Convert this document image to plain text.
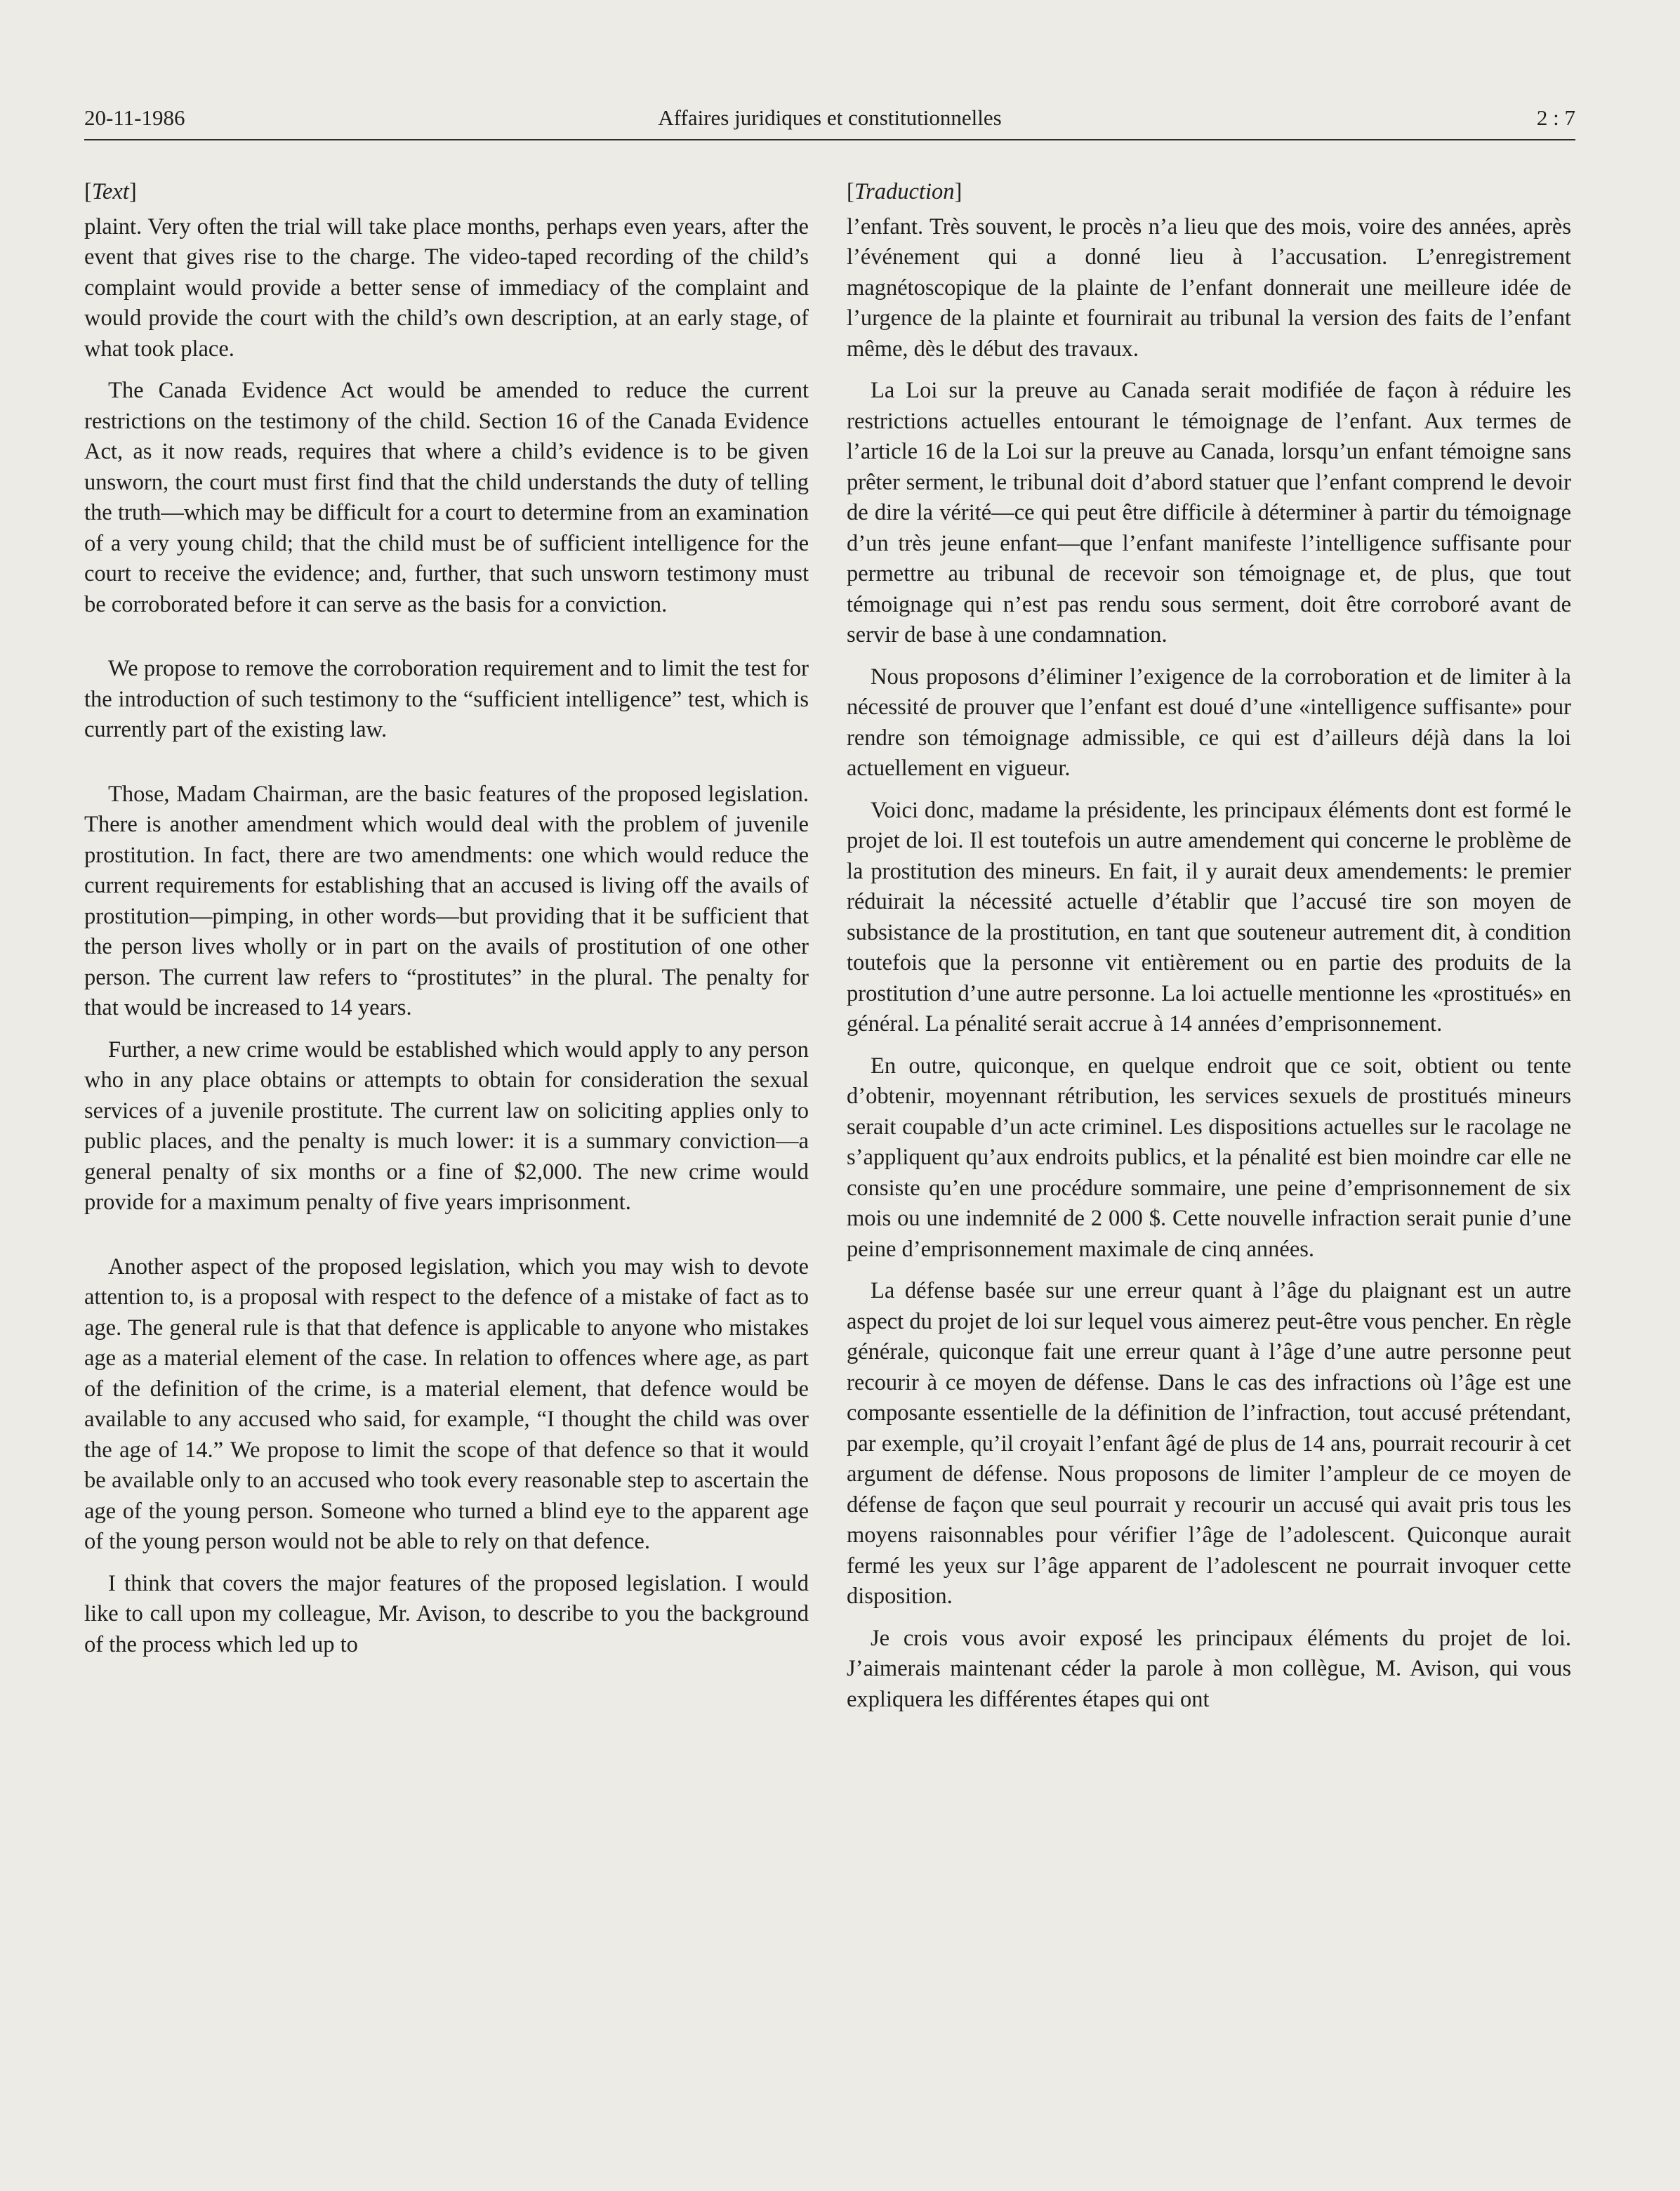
20-11-1986	Affaires juridiques et constitutionnelles	2 : 7
[Text]

plaint. Very often the trial will take place months, perhaps even years, after the event that gives rise to the charge. The video-taped recording of the child’s complaint would provide a better sense of immediacy of the complaint and would provide the court with the child’s own description, at an early stage, of what took place.

The Canada Evidence Act would be amended to reduce the current restrictions on the testimony of the child. Section 16 of the Canada Evidence Act, as it now reads, requires that where a child’s evidence is to be given unsworn, the court must first find that the child understands the duty of telling the truth—which may be difficult for a court to determine from an examination of a very young child; that the child must be of sufficient intelligence for the court to receive the evidence; and, further, that such unsworn testimony must be corroborated before it can serve as the basis for a conviction.

We propose to remove the corroboration requirement and to limit the test for the introduction of such testimony to the “sufficient intelligence” test, which is currently part of the existing law.

Those, Madam Chairman, are the basic features of the proposed legislation. There is another amendment which would deal with the problem of juvenile prostitution. In fact, there are two amendments: one which would reduce the current requirements for establishing that an accused is living off the avails of prostitution—pimping, in other words—but providing that it be sufficient that the person lives wholly or in part on the avails of prostitution of one other person. The current law refers to “prostitutes” in the plural. The penalty for that would be increased to 14 years.

Further, a new crime would be established which would apply to any person who in any place obtains or attempts to obtain for consideration the sexual services of a juvenile prostitute. The current law on soliciting applies only to public places, and the penalty is much lower: it is a summary conviction—a general penalty of six months or a fine of $2,000. The new crime would provide for a maximum penalty of five years imprisonment.

Another aspect of the proposed legislation, which you may wish to devote attention to, is a proposal with respect to the defence of a mistake of fact as to age. The general rule is that that defence is applicable to anyone who mistakes age as a material element of the case. In relation to offences where age, as part of the definition of the crime, is a material element, that defence would be available to any accused who said, for example, “I thought the child was over the age of 14.” We propose to limit the scope of that defence so that it would be available only to an accused who took every reasonable step to ascertain the age of the young person. Someone who turned a blind eye to the apparent age of the young person would not be able to rely on that defence.

I think that covers the major features of the proposed legislation. I would like to call upon my colleague, Mr. Avison, to describe to you the background of the process which led up to

[Traduction]

l’enfant. Très souvent, le procès n’a lieu que des mois, voire des années, après l’événement qui a donné lieu à l’accusation. L’enregistrement magnétoscopique de la plainte de l’enfant donnerait une meilleure idée de l’urgence de la plainte et fournirait au tribunal la version des faits de l’enfant même, dès le début des travaux.

La Loi sur la preuve au Canada serait modifiée de façon à réduire les restrictions actuelles entourant le témoignage de l’enfant. Aux termes de l’article 16 de la Loi sur la preuve au Canada, lorsqu’un enfant témoigne sans prêter serment, le tribunal doit d’abord statuer que l’enfant comprend le devoir de dire la vérité—ce qui peut être difficile à déterminer à partir du témoignage d’un très jeune enfant—que l’enfant manifeste l’intelligence suffisante pour permettre au tribunal de recevoir son témoignage et, de plus, que tout témoignage qui n’est pas rendu sous serment, doit être corroboré avant de servir de base à une condamnation.

Nous proposons d’éliminer l’exigence de la corroboration et de limiter à la nécessité de prouver que l’enfant est doué d’une «intelligence suffisante» pour rendre son témoignage admissible, ce qui est d’ailleurs déjà dans la loi actuellement en vigueur.

Voici donc, madame la présidente, les principaux éléments dont est formé le projet de loi. Il est toutefois un autre amendement qui concerne le problème de la prostitution des mineurs. En fait, il y aurait deux amendements: le premier réduirait la nécessité actuelle d’établir que l’accusé tire son moyen de subsistance de la prostitution, en tant que souteneur autrement dit, à condition toutefois que la personne vit entièrement ou en partie des produits de la prostitution d’une autre personne. La loi actuelle mentionne les «prostitués» en général. La pénalité serait accrue à 14 années d’emprisonnement.

En outre, quiconque, en quelque endroit que ce soit, obtient ou tente d’obtenir, moyennant rétribution, les services sexuels de prostitués mineurs serait coupable d’un acte criminel. Les dispositions actuelles sur le racolage ne s’appliquent qu’aux endroits publics, et la pénalité est bien moindre car elle ne consiste qu’en une procédure sommaire, une peine d’emprisonnement de six mois ou une indemnité de 2 000 $. Cette nouvelle infraction serait punie d’une peine d’emprisonnement maximale de cinq années.

La défense basée sur une erreur quant à l’âge du plaignant est un autre aspect du projet de loi sur lequel vous aimerez peut-être vous pencher. En règle générale, quiconque fait une erreur quant à l’âge d’une autre personne peut recourir à ce moyen de défense. Dans le cas des infractions où l’âge est une composante essentielle de la définition de l’infraction, tout accusé prétendant, par exemple, qu’il croyait l’enfant âgé de plus de 14 ans, pourrait recourir à cet argument de défense. Nous proposons de limiter l’ampleur de ce moyen de défense de façon que seul pourrait y recourir un accusé qui avait pris tous les moyens raisonnables pour vérifier l’âge de l’adolescent. Quiconque aurait fermé les yeux sur l’âge apparent de l’adolescent ne pourrait invoquer cette disposition.

Je crois vous avoir exposé les principaux éléments du projet de loi. J’aimerais maintenant céder la parole à mon collègue, M. Avison, qui vous expliquera les différentes étapes qui ont
